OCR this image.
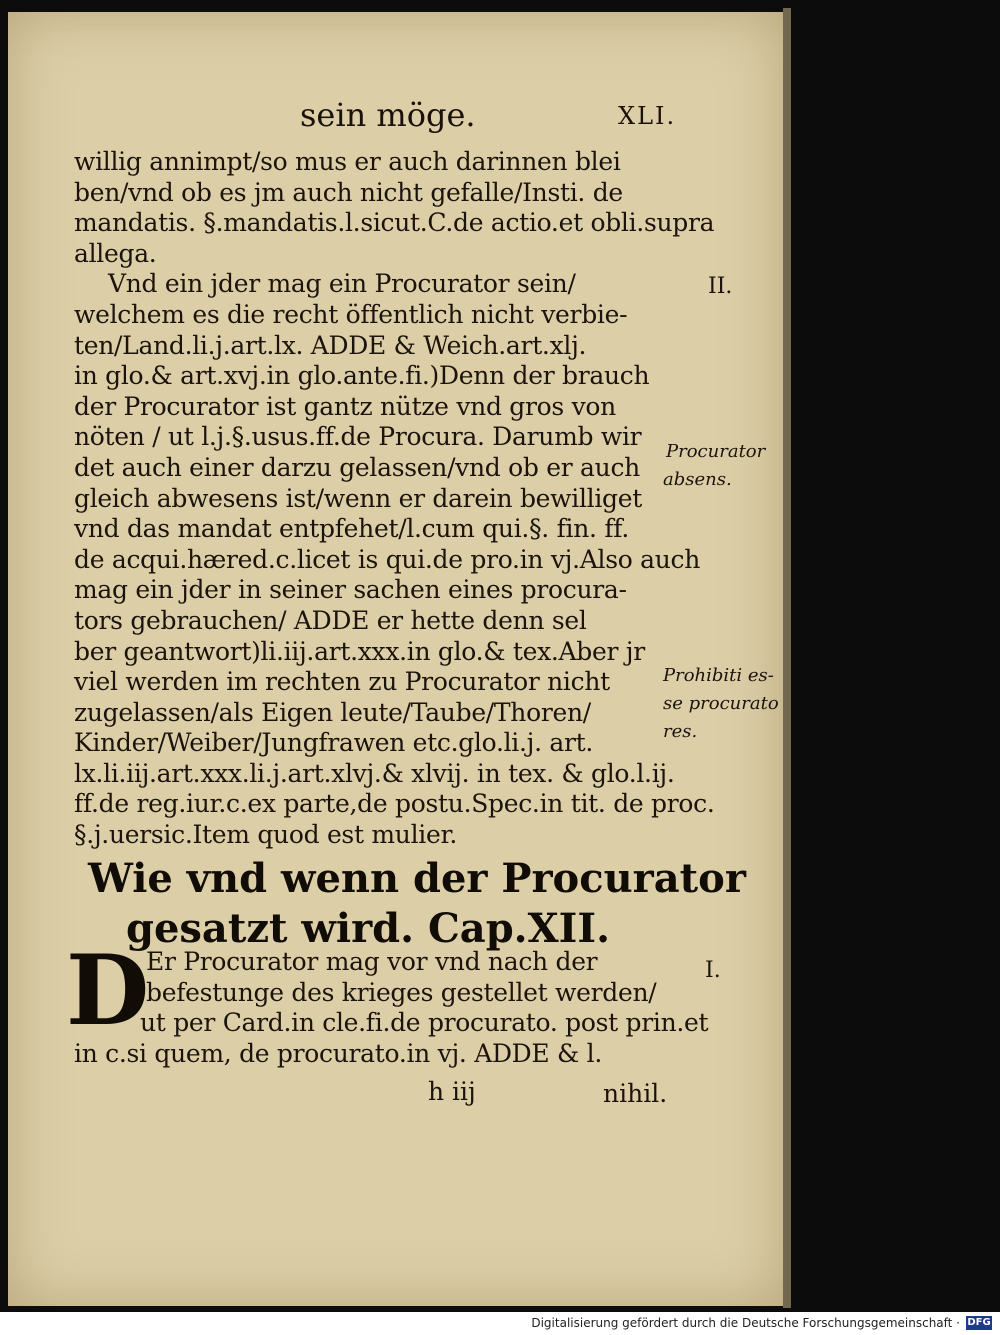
sein möge.	XLI.
willig annimpt/so mus er auch darinnen blei
ben/vnd ob es jm auch nicht gefalle/Insti. de
mandatis. §.mandatis.l.sicut.C.de actio.et obli.supra
allega.
Vnd ein jder mag ein Procurator sein/
welchem es die recht öffentlich nicht verbie-
ten/Land.li.j.art.lx. ADDE & Weich.art.xlj.
in glo.& art.xvj.in glo.ante.fi.)Denn der brauch
der Procurator ist gantz nütze vnd gros von
nöten / ut l.j.§.usus.ff.de Procura. Darumb wir
det auch einer darzu gelassen/vnd ob er auch
gleich abwesens ist/wenn er darein bewilliget
vnd das mandat entpfehet/l.cum qui.§. fin. ff.
de acqui.hæred.c.licet is qui.de pro.in vj.Also auch
mag ein jder in seiner sachen eines procura-
tors gebrauchen/ ADDE er hette denn sel
ber geantwort)li.iij.art.xxx.in glo.& tex.Aber jr
viel werden im rechten zu Procurator nicht
zugelassen/als Eigen leute/Taube/Thoren/
Kinder/Weiber/Jungfrawen etc.glo.li.j. art.
lx.li.iij.art.xxx.li.j.art.xlvj.& xlvij. in tex. & glo.l.ij.
ff.de reg.iur.c.ex parte,de postu.Spec.in tit. de proc.
§.j.uersic.Item quod est mulier.
Wie vnd wenn der Procurator
gesatzt wird. Cap.XII.
D
Er Procurator mag vor vnd nach der
befestunge des krieges gestellet werden/
ut per Card.in cle.fi.de procurato. post prin.et
in c.si quem, de procurato.in vj. ADDE & l.
h iij	nihil.
II.
Procurator
absens.
Prohibiti es-
se procurato
res.
I.
Digitalisierung gefördert durch die Deutsche Forschungsgemeinschaft · DFG
